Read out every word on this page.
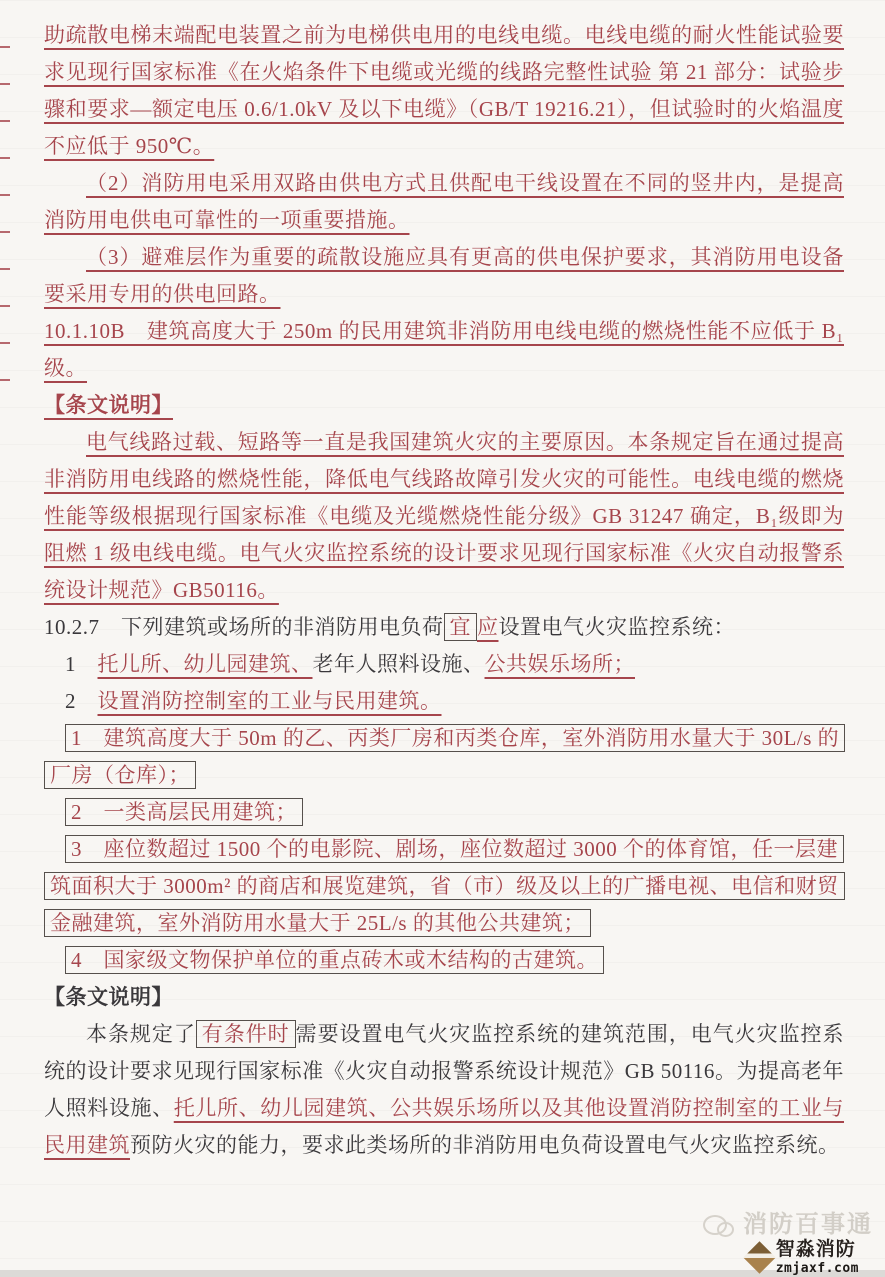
助疏散电梯末端配电装置之前为电梯供电用的电线电缆。电线电缆的耐火性能试验要求见现行国家标准《在火焰条件下电缆或光缆的线路完整性试验 第 21 部分：试验步骤和要求—额定电压 0.6/1.0kV 及以下电缆》（GB/T 19216.21），但试验时的火焰温度不应低于 950℃。

（2）消防用电采用双路由供电方式且供配电干线设置在不同的竖井内，是提高消防用电供电可靠性的一项重要措施。

（3）避难层作为重要的疏散设施应具有更高的供电保护要求，其消防用电设备要采用专用的供电回路。

10.1.10B　建筑高度大于 250m 的民用建筑非消防用电线电缆的燃烧性能不应低于 B₁级。

【条文说明】

电气线路过载、短路等一直是我国建筑火灾的主要原因。本条规定旨在通过提高非消防用电线路的燃烧性能，降低电气线路故障引发火灾的可能性。电线电缆的燃烧性能等级根据现行国家标准《电缆及光缆燃烧性能分级》GB 31247 确定，B₁级即为阻燃 1 级电线电缆。电气火灾监控系统的设计要求见现行国家标准《火灾自动报警系统设计规范》GB50116。

10.2.7　下列建筑或场所的非消防用电负荷 宜 应设置电气火灾监控系统：

1　托儿所、幼儿园建筑、老年人照料设施、公共娱乐场所；

2　设置消防控制室的工业与民用建筑。

1　建筑高度大于 50m 的乙、丙类厂房和丙类仓库，室外消防用水量大于 30L/s 的厂房（仓库）；

2　一类高层民用建筑；

3　座位数超过 1500 个的电影院、剧场，座位数超过 3000 个的体育馆，任一层建筑面积大于 3000m² 的商店和展览建筑，省（市）级及以上的广播电视、电信和财贸金融建筑，室外消防用水量大于 25L/s 的其他公共建筑；

4　国家级文物保护单位的重点砖木或木结构的古建筑。

【条文说明】

本条规定了 有条件时 需要设置电气火灾监控系统的建筑范围，电气火灾监控系统的设计要求见现行国家标准《火灾自动报警系统设计规范》GB 50116。为提高老年人照料设施、托儿所、幼儿园建筑、公共娱乐场所以及其他设置消防控制室的工业与民用建筑预防火灾的能力，要求此类场所的非消防用电负荷设置电气火灾监控系统。

消防百事通
智淼消防
zmjaxf.com
